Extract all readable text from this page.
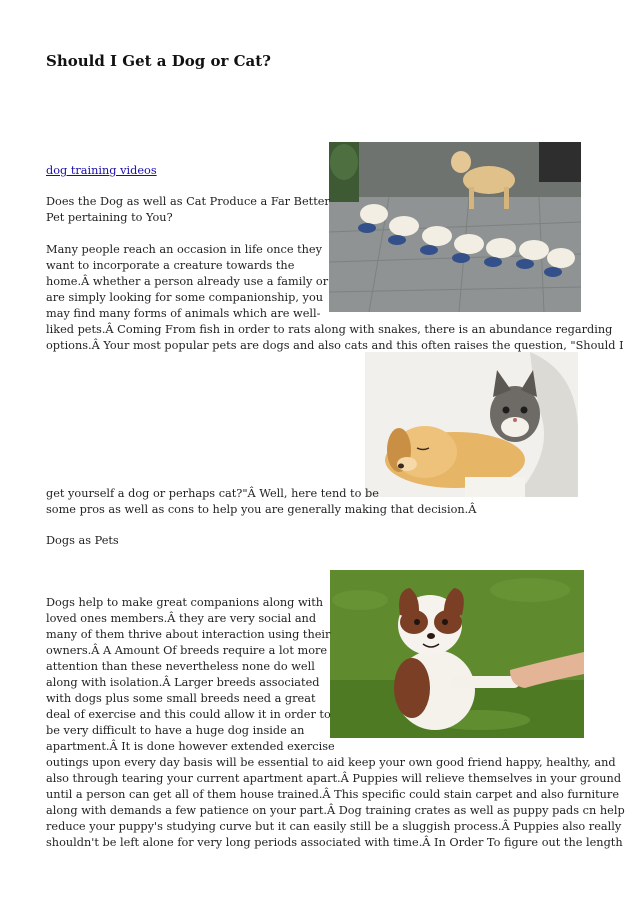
Should I Get a Dog or Cat?
dog training videos
Does the Dog as well as Cat Produce a Far Better
Pet pertaining to You?
Many people reach an occasion in life once they
want to incorporate a creature towards the
home.Â whether a person already use a family or
are simply looking for some companionship, you
may find many forms of animals which are well-
liked pets.Â Coming From fish in order to rats along with snakes, there is an abundance regarding
options.Â Your most popular pets are dogs and also cats and this often raises the question, "Should I
get yourself a dog or perhaps cat?"Â Well, here tend to be
some pros as well as cons to help you are generally making that decision.Â
Dogs as Pets
Dogs help to make great companions along with
loved ones members.Â they are very social and
many of them thrive about interaction using their
owners.Â A Amount Of breeds require a lot more
attention than these nevertheless none do well
along with isolation.Â Larger breeds associated
with dogs plus some small breeds need a great
deal of exercise and this could allow it in order to
be very difficult to have a huge dog inside an
apartment.Â It is done however extended exercise
outings upon every day basis will be essential to aid keep your own good friend happy, healthy, and
also through tearing your current apartment apart.Â Puppies will relieve themselves in your ground
until a person can get all of them house trained.Â This specific could stain carpet and also furniture
along with demands a few patience on your part.Â Dog training crates as well as puppy pads cn help
reduce your puppy's studying curve but it can easily still be a sluggish process.Â Puppies also really
shouldn't be left alone for very long periods associated with time.Â In Order To figure out the length
